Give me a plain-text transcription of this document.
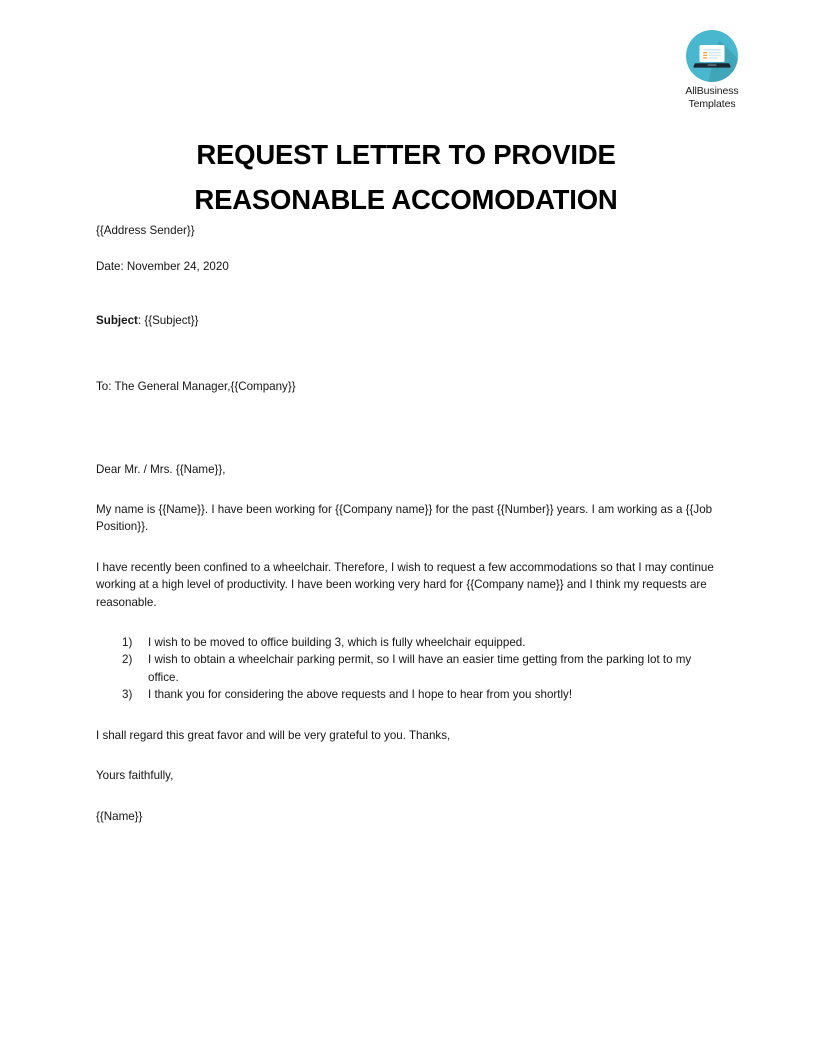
AllBusiness
Templates
REQUEST LETTER TO PROVIDE
REASONABLE ACCOMODATION

{{Address Sender}}

Date: November 24, 2020

Subject: {{Subject}}

To: The General Manager,{{Company}}

Dear Mr. / Mrs. {{Name}},

My name is {{Name}}. I have been working for {{Company name}} for the past {{Number}} years. I am working as a {{Job Position}}.

I have recently been confined to a wheelchair. Therefore, I wish to request a few accommodations so that I may continue working at a high level of productivity. I have been working very hard for {{Company name}} and I think my requests are reasonable.

1)	I wish to be moved to office building 3, which is fully wheelchair equipped.
2)	I wish to obtain a wheelchair parking permit, so I will have an easier time getting from the parking lot to my office.
3)	I thank you for considering the above requests and I hope to hear from you shortly!

I shall regard this great favor and will be very grateful to you. Thanks,

Yours faithfully,

{{Name}}
